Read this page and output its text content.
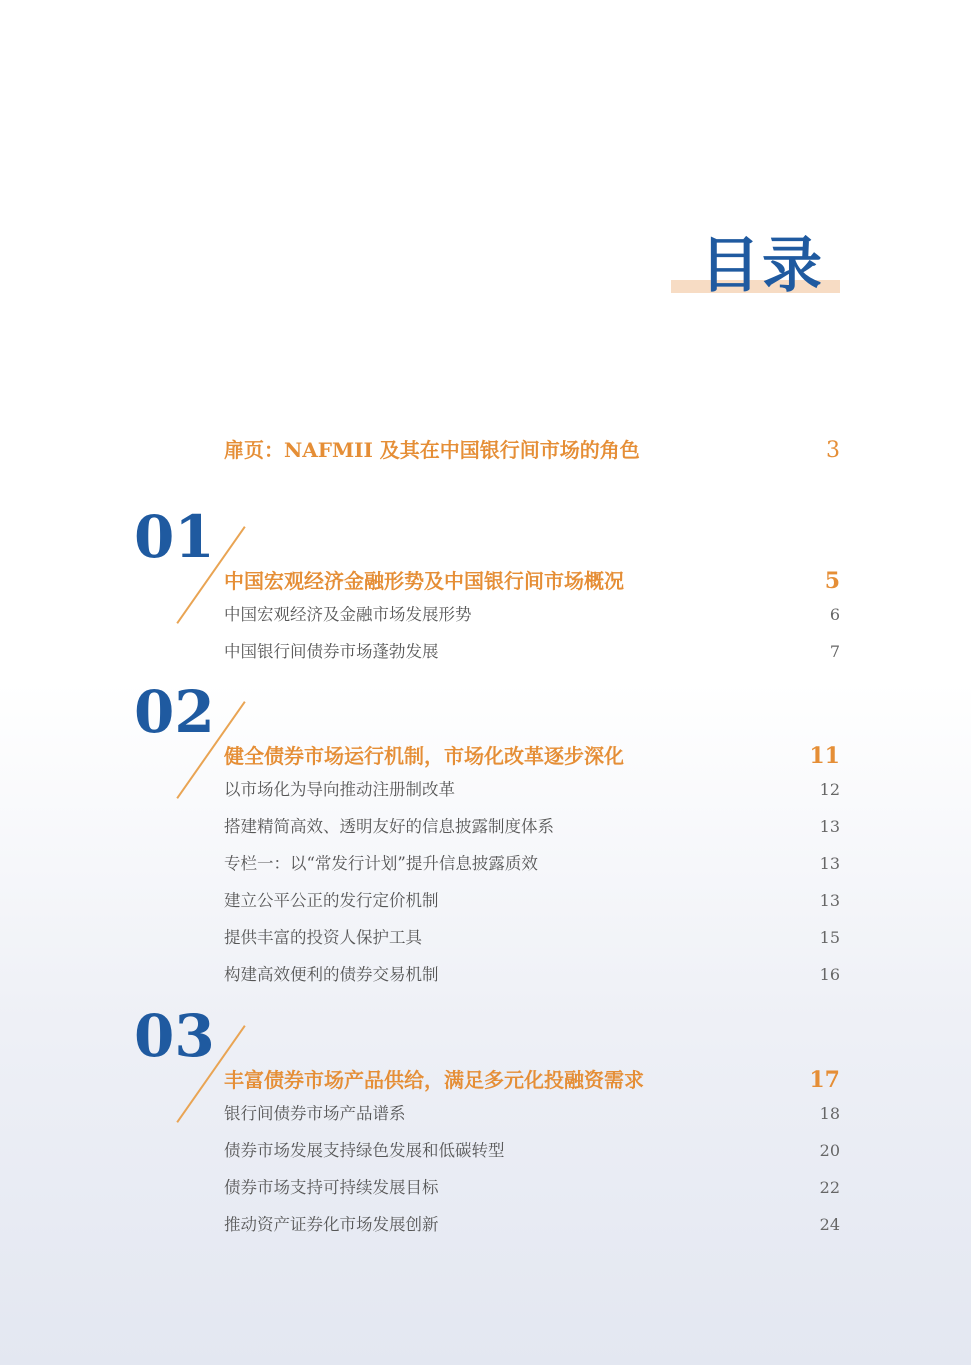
目录
扉页：NAFMII 及其在中国银行间市场的角色	3
01
中国宏观经济金融形势及中国银行间市场概况	5
中国宏观经济及金融市场发展形势	6
中国银行间债券市场蓬勃发展	7
02
健全债券市场运行机制，市场化改革逐步深化	11
以市场化为导向推动注册制改革	12
搭建精简高效、透明友好的信息披露制度体系	13
专栏一：以“常发行计划”提升信息披露质效	13
建立公平公正的发行定价机制	13
提供丰富的投资人保护工具	15
构建高效便利的债券交易机制	16
03
丰富债券市场产品供给，满足多元化投融资需求	17
银行间债券市场产品谱系	18
债券市场发展支持绿色发展和低碳转型	20
债券市场支持可持续发展目标	22
推动资产证券化市场发展创新	24
